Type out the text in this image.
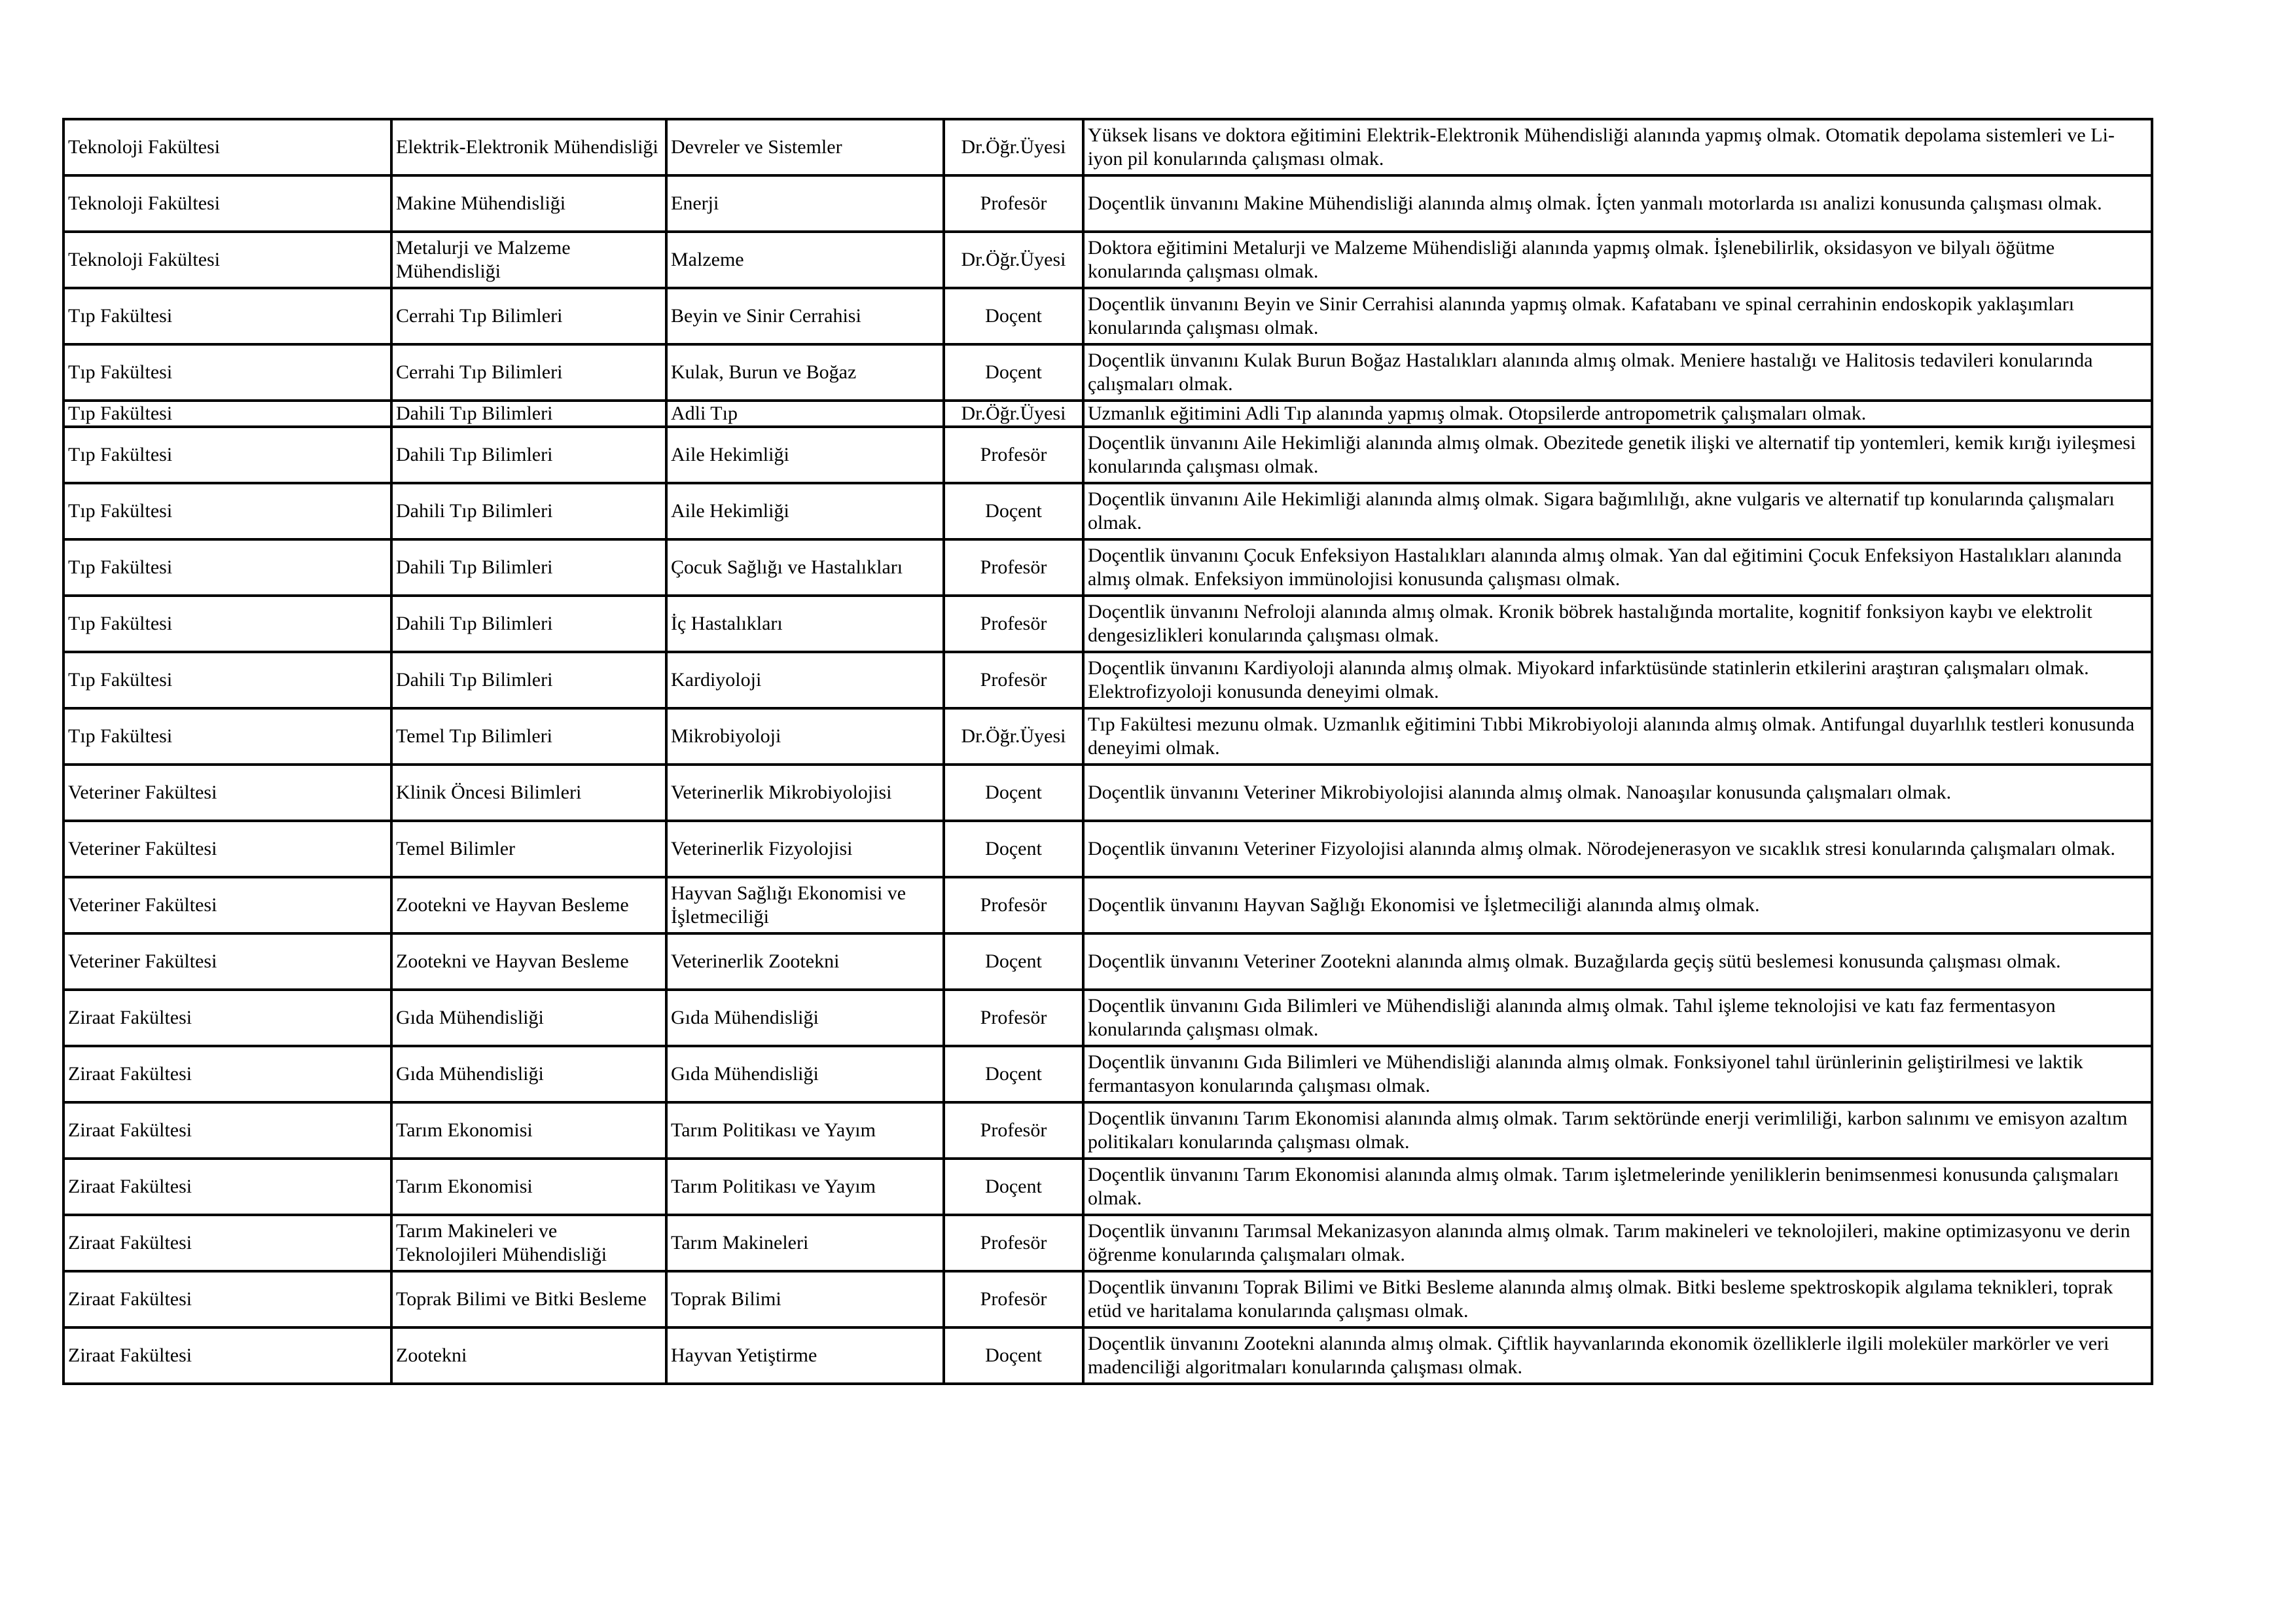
Teknoloji Fakültesi	Elektrik-Elektronik Mühendisliği	Devreler ve Sistemler	Dr.Öğr.Üyesi	Yüksek lisans ve doktora eğitimini Elektrik-Elektronik Mühendisliği alanında yapmış olmak. Otomatik depolama sistemleri ve Li-iyon pil konularında çalışması olmak.
Teknoloji Fakültesi	Makine Mühendisliği	Enerji	Profesör	Doçentlik ünvanını Makine Mühendisliği alanında almış olmak. İçten yanmalı motorlarda ısı analizi konusunda çalışması olmak.
Teknoloji Fakültesi	Metalurji ve Malzeme Mühendisliği	Malzeme	Dr.Öğr.Üyesi	Doktora eğitimini Metalurji ve Malzeme Mühendisliği alanında yapmış olmak. İşlenebilirlik, oksidasyon ve bilyalı öğütme konularında çalışması olmak.
Tıp Fakültesi	Cerrahi Tıp Bilimleri	Beyin ve Sinir Cerrahisi	Doçent	Doçentlik ünvanını Beyin ve Sinir Cerrahisi alanında yapmış olmak. Kafatabanı ve spinal cerrahinin endoskopik yaklaşımları konularında çalışması olmak.
Tıp Fakültesi	Cerrahi Tıp Bilimleri	Kulak, Burun ve Boğaz	Doçent	Doçentlik ünvanını Kulak Burun Boğaz Hastalıkları alanında almış olmak. Meniere hastalığı ve Halitosis tedavileri konularında çalışmaları olmak.
Tıp Fakültesi	Dahili Tıp Bilimleri	Adli Tıp	Dr.Öğr.Üyesi	Uzmanlık eğitimini Adli Tıp alanında yapmış olmak. Otopsilerde antropometrik çalışmaları olmak.
Tıp Fakültesi	Dahili Tıp Bilimleri	Aile Hekimliği	Profesör	Doçentlik ünvanını Aile Hekimliği alanında almış olmak. Obezitede genetik ilişki ve alternatif tip yontemleri, kemik kırığı iyileşmesi konularında çalışması olmak.
Tıp Fakültesi	Dahili Tıp Bilimleri	Aile Hekimliği	Doçent	Doçentlik ünvanını Aile Hekimliği alanında almış olmak. Sigara bağımlılığı, akne vulgaris ve alternatif tıp konularında çalışmaları olmak.
Tıp Fakültesi	Dahili Tıp Bilimleri	Çocuk Sağlığı ve Hastalıkları	Profesör	Doçentlik ünvanını Çocuk Enfeksiyon Hastalıkları alanında almış olmak. Yan dal eğitimini Çocuk Enfeksiyon Hastalıkları alanında almış olmak. Enfeksiyon immünolojisi konusunda çalışması olmak.
Tıp Fakültesi	Dahili Tıp Bilimleri	İç Hastalıkları	Profesör	Doçentlik ünvanını Nefroloji alanında almış olmak. Kronik böbrek hastalığında mortalite, kognitif fonksiyon kaybı ve elektrolit dengesizlikleri konularında çalışması olmak.
Tıp Fakültesi	Dahili Tıp Bilimleri	Kardiyoloji	Profesör	Doçentlik ünvanını Kardiyoloji alanında almış olmak. Miyokard infarktüsünde statinlerin etkilerini araştıran çalışmaları olmak. Elektrofizyoloji konusunda deneyimi olmak.
Tıp Fakültesi	Temel Tıp Bilimleri	Mikrobiyoloji	Dr.Öğr.Üyesi	Tıp Fakültesi mezunu olmak. Uzmanlık eğitimini Tıbbi Mikrobiyoloji alanında almış olmak. Antifungal duyarlılık testleri konusunda deneyimi olmak.
Veteriner Fakültesi	Klinik Öncesi Bilimleri	Veterinerlik Mikrobiyolojisi	Doçent	Doçentlik ünvanını Veteriner Mikrobiyolojisi alanında almış olmak. Nanoaşılar konusunda çalışmaları olmak.
Veteriner Fakültesi	Temel Bilimler	Veterinerlik Fizyolojisi	Doçent	Doçentlik ünvanını Veteriner Fizyolojisi alanında almış olmak. Nörodejenerasyon ve sıcaklık stresi konularında çalışmaları olmak.
Veteriner Fakültesi	Zootekni ve Hayvan Besleme	Hayvan Sağlığı Ekonomisi ve İşletmeciliği	Profesör	Doçentlik ünvanını Hayvan Sağlığı Ekonomisi ve İşletmeciliği alanında almış olmak.
Veteriner Fakültesi	Zootekni ve Hayvan Besleme	Veterinerlik Zootekni	Doçent	Doçentlik ünvanını Veteriner Zootekni alanında almış olmak. Buzağılarda geçiş sütü beslemesi konusunda çalışması olmak.
Ziraat Fakültesi	Gıda Mühendisliği	Gıda Mühendisliği	Profesör	Doçentlik ünvanını Gıda Bilimleri ve Mühendisliği alanında almış olmak. Tahıl işleme teknolojisi ve katı faz fermentasyon konularında çalışması olmak.
Ziraat Fakültesi	Gıda Mühendisliği	Gıda Mühendisliği	Doçent	Doçentlik ünvanını Gıda Bilimleri ve Mühendisliği alanında almış olmak. Fonksiyonel tahıl ürünlerinin geliştirilmesi ve laktik fermantasyon konularında çalışması olmak.
Ziraat Fakültesi	Tarım Ekonomisi	Tarım Politikası ve Yayım	Profesör	Doçentlik ünvanını Tarım Ekonomisi alanında almış olmak. Tarım sektöründe enerji verimliliği, karbon salınımı ve emisyon azaltım politikaları konularında çalışması olmak.
Ziraat Fakültesi	Tarım Ekonomisi	Tarım Politikası ve Yayım	Doçent	Doçentlik ünvanını Tarım Ekonomisi alanında almış olmak. Tarım işletmelerinde yeniliklerin benimsenmesi konusunda çalışmaları olmak.
Ziraat Fakültesi	Tarım Makineleri ve Teknolojileri Mühendisliği	Tarım Makineleri	Profesör	Doçentlik ünvanını Tarımsal Mekanizasyon alanında almış olmak. Tarım makineleri ve teknolojileri, makine optimizasyonu ve derin öğrenme konularında çalışmaları olmak.
Ziraat Fakültesi	Toprak Bilimi ve Bitki Besleme	Toprak Bilimi	Profesör	Doçentlik ünvanını Toprak Bilimi ve Bitki Besleme alanında almış olmak. Bitki besleme spektroskopik algılama teknikleri, toprak etüd ve haritalama konularında çalışması olmak.
Ziraat Fakültesi	Zootekni	Hayvan Yetiştirme	Doçent	Doçentlik ünvanını Zootekni alanında almış olmak. Çiftlik hayvanlarında ekonomik özelliklerle ilgili moleküler markörler ve veri madenciliği algoritmaları konularında çalışması olmak.
